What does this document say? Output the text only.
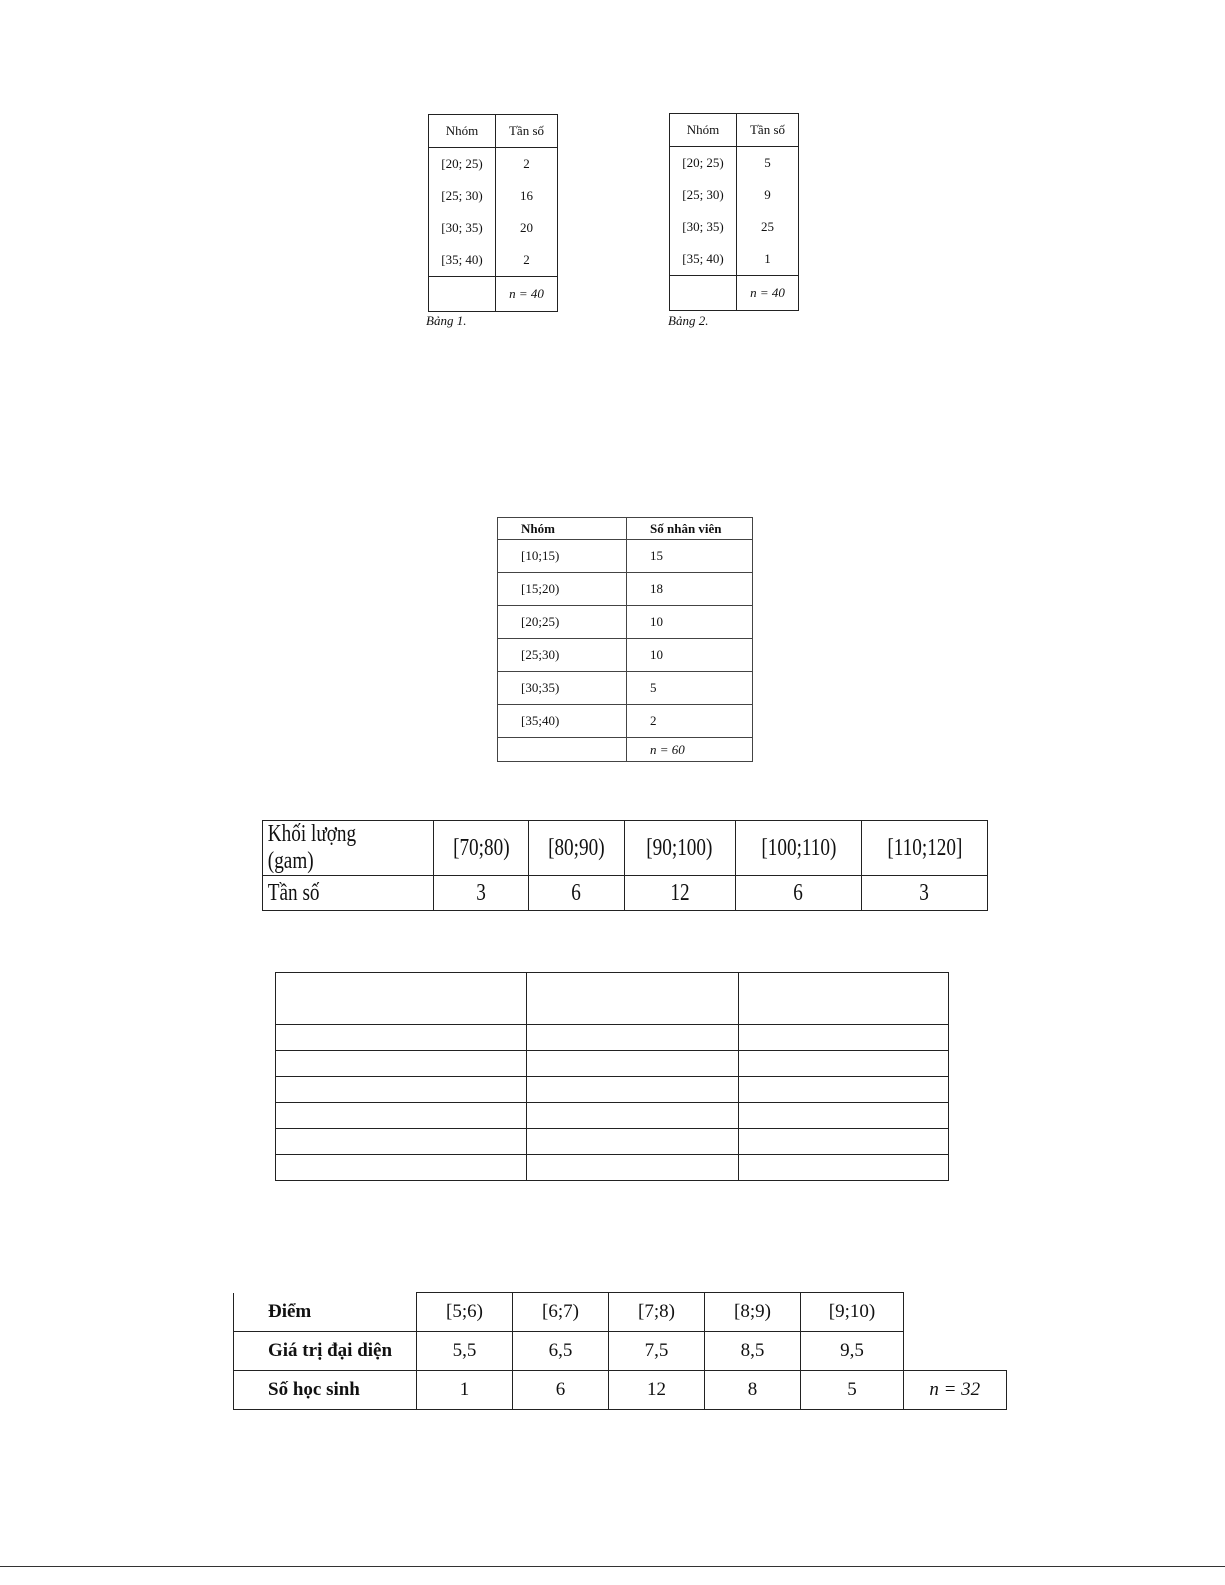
Nhóm	Tần số
[20; 25)	2
[25; 30)	16
[30; 35)	20
[35; 40)	2
	n = 40
Bảng 1.
Nhóm	Tần số
[20; 25)	5
[25; 30)	9
[30; 35)	25
[35; 40)	1
	n = 40
Bảng 2.
Nhóm	Số nhân viên
[10;15)	15
[15;20)	18
[20;25)	10
[25;30)	10
[30;35)	5
[35;40)	2
	n = 60
Khối lượng (gam)	[70;80)	[80;90)	[90;100)	[100;110)	[110;120]
Tần số	3	6	12	6	3

Điểm	[5;6)	[6;7)	[7;8)	[8;9)	[9;10)	
Giá trị đại diện	5,5	6,5	7,5	8,5	9,5	
Số học sinh	1	6	12	8	5	n = 32
